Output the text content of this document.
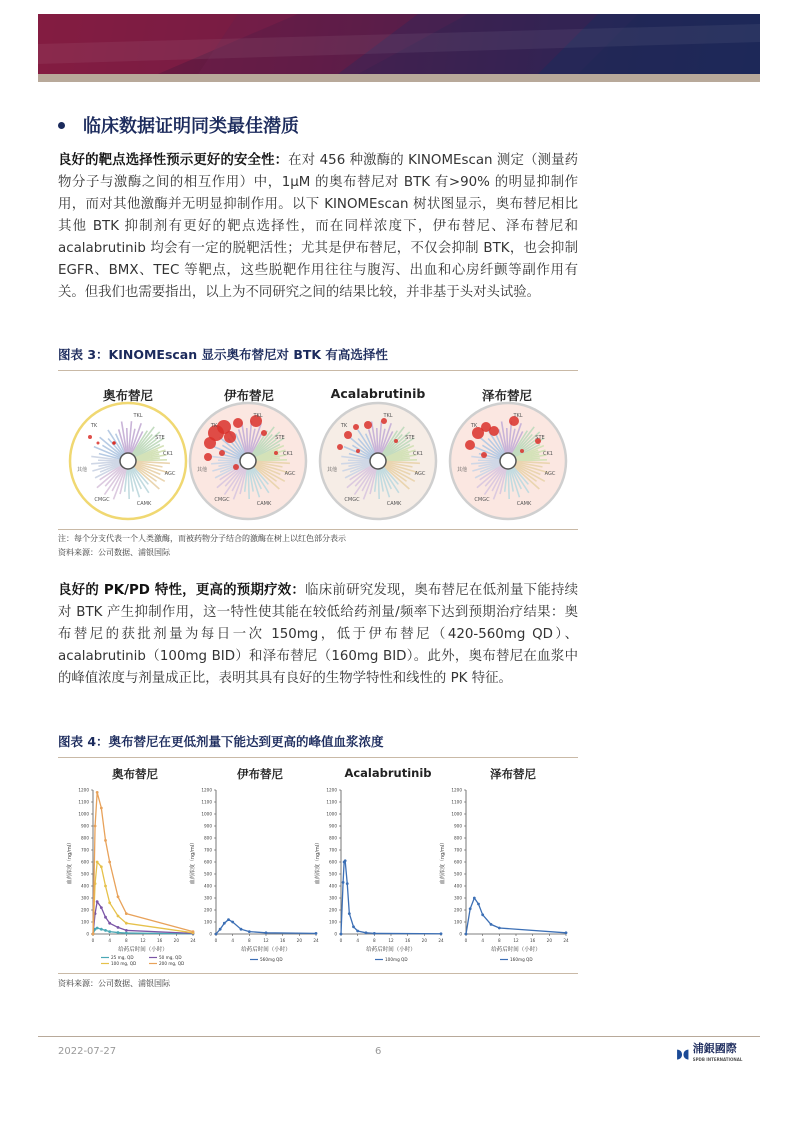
临床数据证明同类最佳潜质
良好的靶点选择性预示更好的安全性：在对 456 种激酶的 KINOMEscan 测定（测量药物分子与激酶之间的相互作用）中，1μM 的奥布替尼对 BTK 有>90% 的明显抑制作用，而对其他激酶并无明显抑制作用。以下 KINOMEscan 树状图显示，奥布替尼相比其他 BTK 抑制剂有更好的靶点选择性，而在同样浓度下，伊布替尼、泽布替尼和 acalabrutinib 均会有一定的脱靶活性；尤其是伊布替尼，不仅会抑制 BTK，也会抑制 EGFR、BMX、TEC 等靶点，这些脱靶作用往往与腹泻、出血和心房纤颤等副作用有关。但我们也需要指出，以上为不同研究之间的结果比较，并非基于头对头试验。
图表 3：KINOMEscan 显示奥布替尼对 BTK 有高选择性
TK
TKL
STE
CK1
AGC
CAMK
CMGC
其他
TK
TKL
STE
CK1
AGC
CAMK
CMGC
其他
TK
TKL
STE
CK1
AGC
CAMK
CMGC
其他
TK
TKL
STE
CK1
AGC
CAMK
CMGC
其他
奥布替尼	伊布替尼	Acalabrutinib	泽布替尼
注：每个分支代表一个人类激酶，而被药物分子结合的激酶在树上以红色部分表示
资料来源：公司数据、浦银国际
良好的 PK/PD 特性，更高的预期疗效：临床前研究发现，奥布替尼在低剂量下能持续对 BTK 产生抑制作用，这一特性使其能在较低给药剂量/频率下达到预期治疗结果：奥布替尼的获批剂量为每日一次 150mg，低于伊布替尼（420-560mg QD）、acalabrutinib（100mg BID）和泽布替尼（160mg BID）。此外，奥布替尼在血浆中的峰值浓度与剂量成正比，表明其具有良好的生物学特性和线性的 PK 特征。
图表 4：奥布替尼在更低剂量下能达到更高的峰值血浆浓度
0
100
200
300
400
500
600
700
800
900
1000
1100
1200
0	4	8	12	16	20	24
血药浓度（ng/ml）
给药后时间（小时）
25 mg, QD	50 mg, QD
100 mg, QD	200 mg, QD
0
100
200
300
400
500
600
700
800
900
1000
1100
1200
0	4	8	12	16	20	24
血药浓度（ng/ml）
给药后时间（小时）
560mg QD
0
100
200
300
400
500
600
700
800
900
1000
1100
1200
0	4	8	12	16	20	24
血药浓度（ng/ml）
给药后时间（小时）
100mg QD
0
100
200
300
400
500
600
700
800
900
1000
1100
1200
0	4	8	12	16	20	24
血药浓度（ng/ml）
给药后时间（小时）
160mg QD
奥布替尼	伊布替尼	Acalabrutinib	泽布替尼
资料来源：公司数据、浦银国际
2022-07-27	6	◗◖ 浦銀國際
SPDB INTERNATIONAL
